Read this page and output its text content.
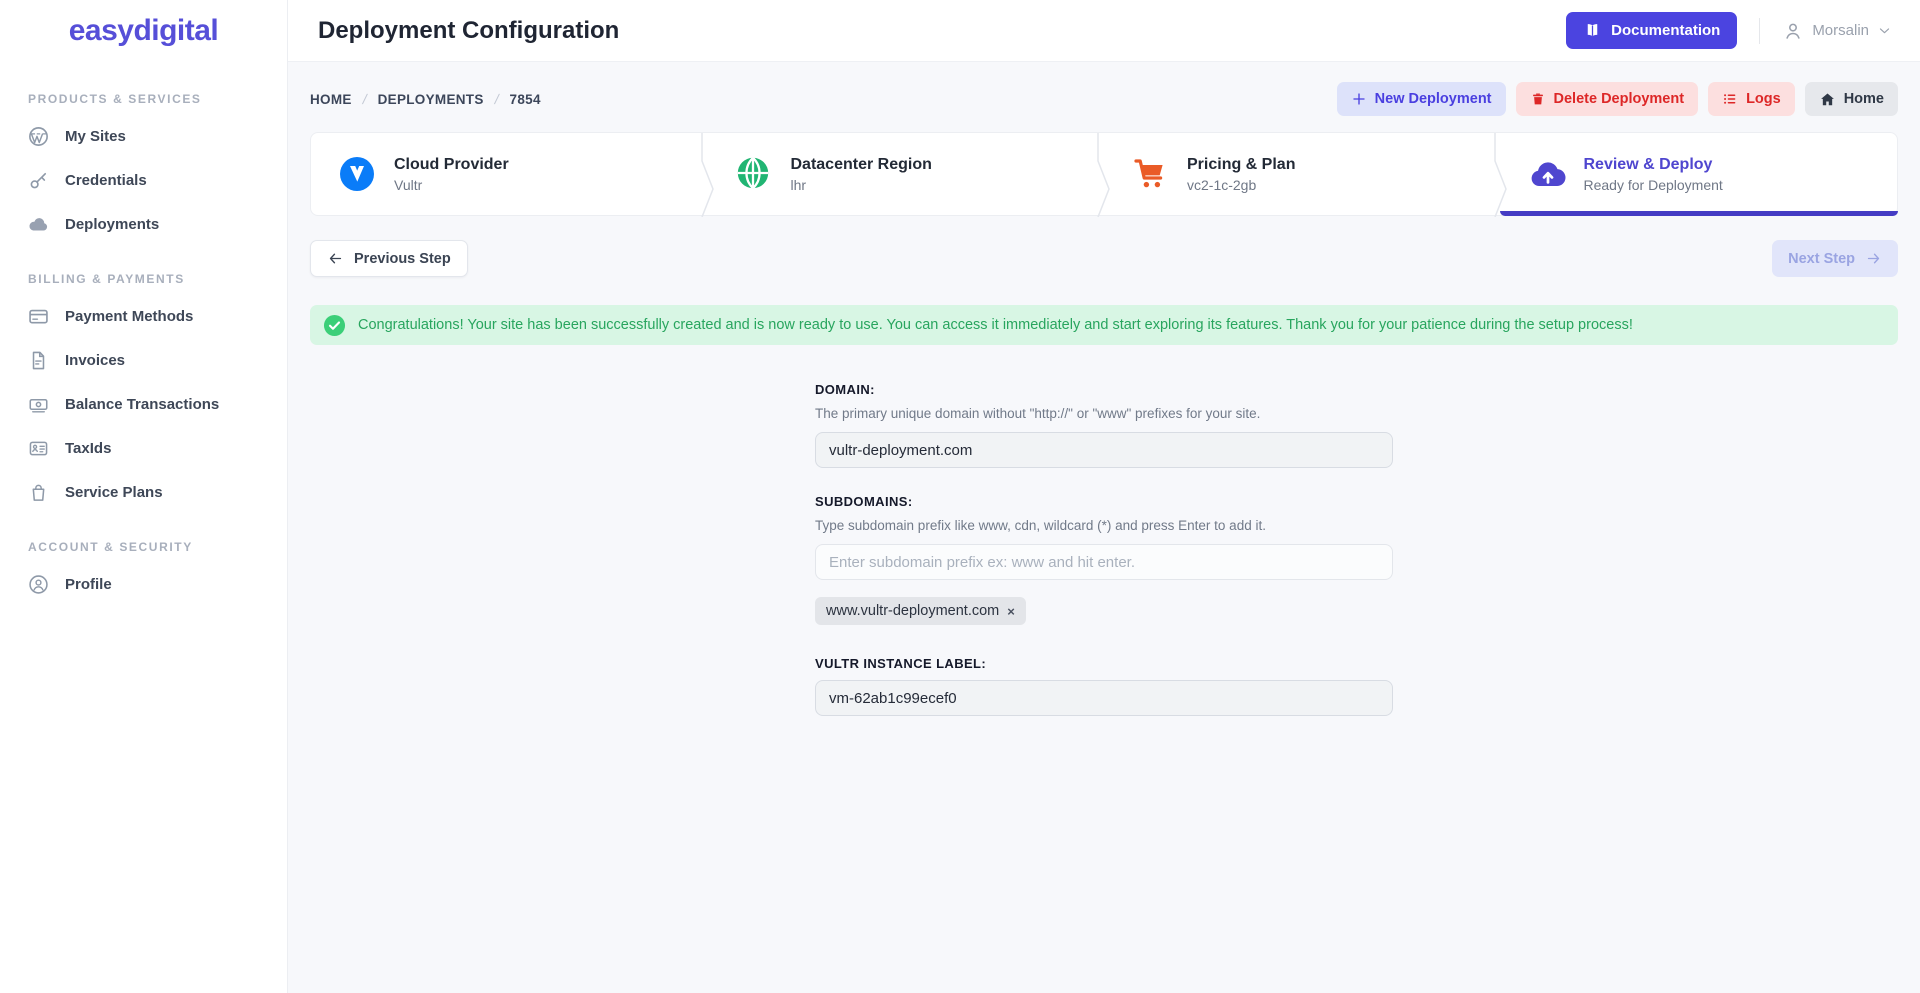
easydigital
PRODUCTS & SERVICES
My Sites
Credentials
Deployments
BILLING & PAYMENTS
Payment Methods
Invoices
Balance Transactions
TaxIds
Service Plans
ACCOUNT & SECURITY
Profile
Deployment Configuration	Documentation	Morsalin
HOME / DEPLOYMENTS / 7854	New Deployment	Delete Deployment	Logs	Home
Cloud Provider
Vultr
Datacenter Region
lhr
Pricing & Plan
vc2-1c-2gb
Review & Deploy
Ready for Deployment
Previous Step	Next Step
Congratulations! Your site has been successfully created and is now ready to use. You can access it immediately and start exploring its features. Thank you for your patience during the setup process!
DOMAIN:
The primary unique domain without "http://" or "www" prefixes for your site.
vultr-deployment.com
SUBDOMAINS:
Type subdomain prefix like www, cdn, wildcard (*) and press Enter to add it.
Enter subdomain prefix ex: www and hit enter.
www.vultr-deployment.com ×
VULTR INSTANCE LABEL:
vm-62ab1c99ecef0
